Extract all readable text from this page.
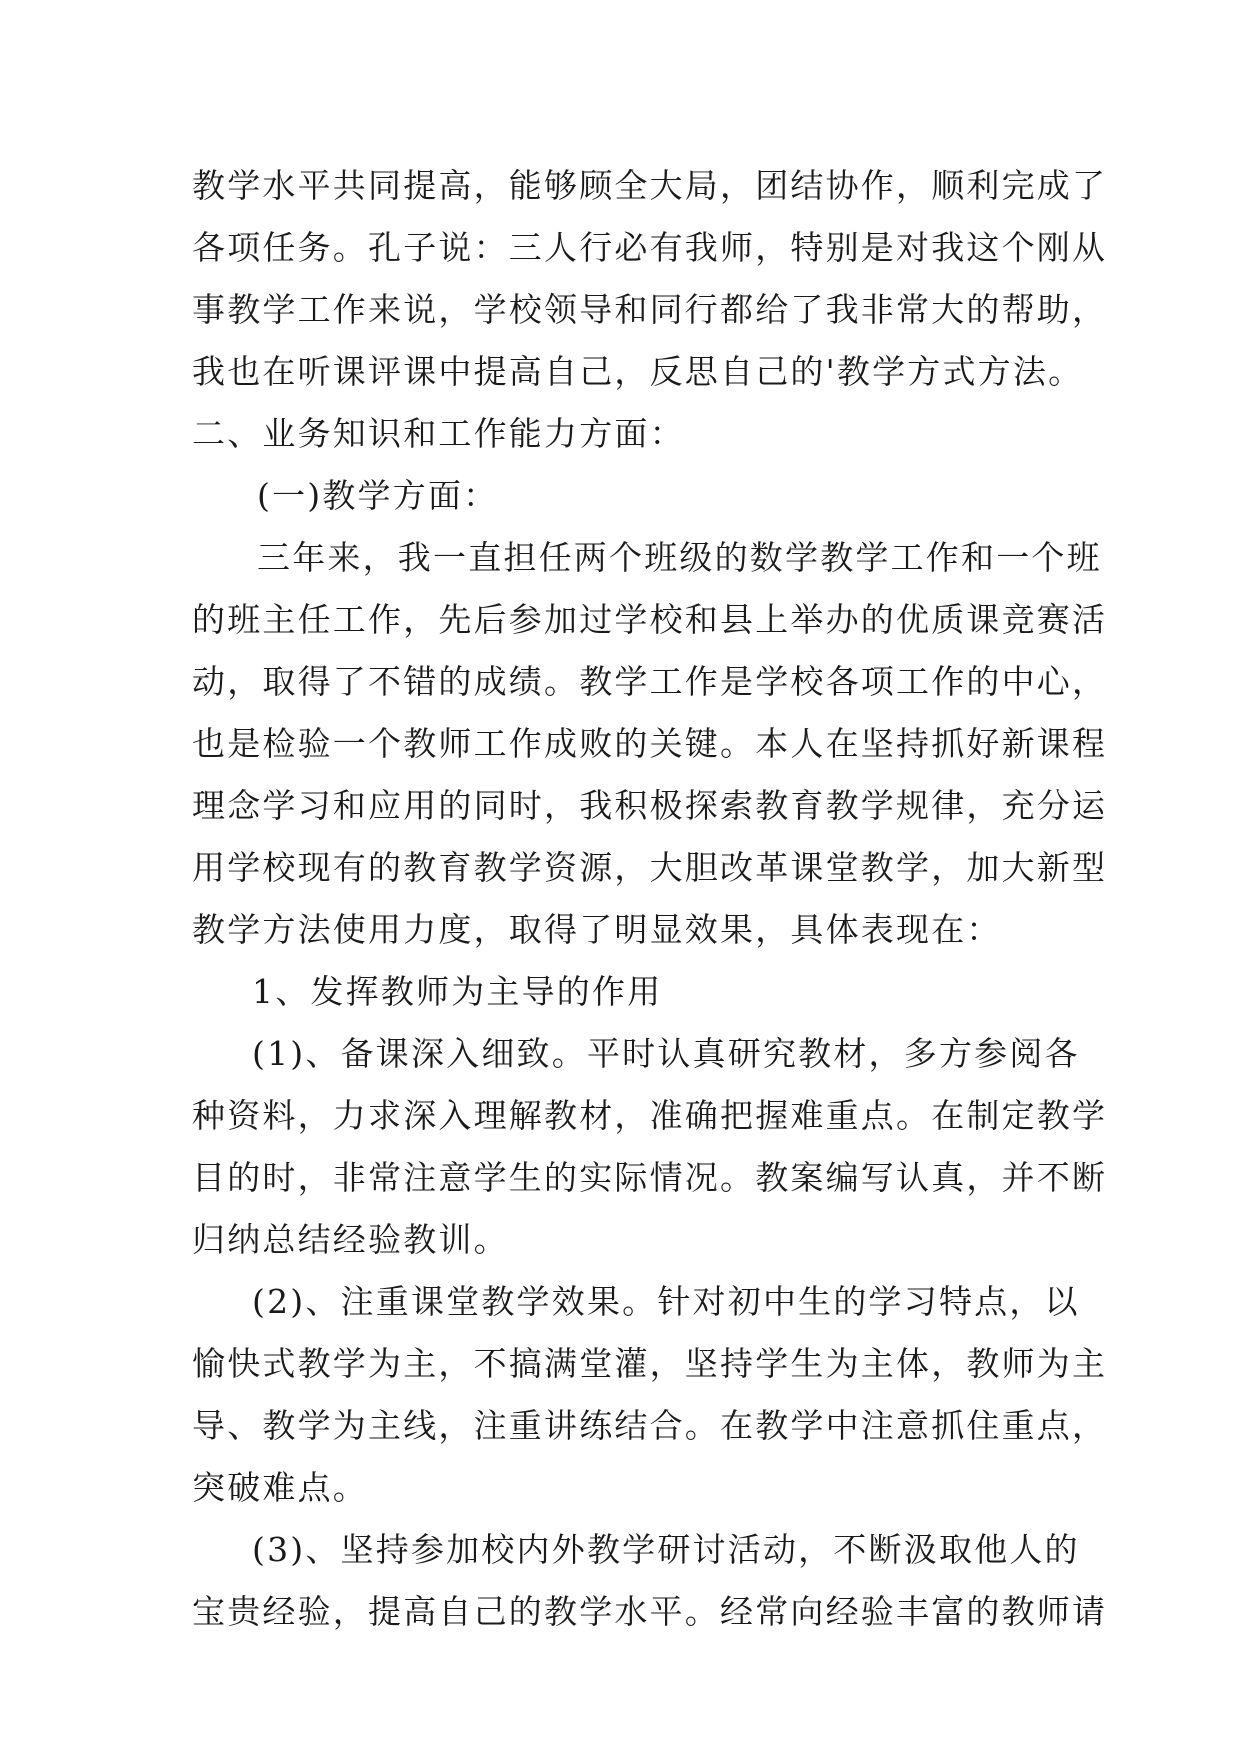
教学水平共同提高，能够顾全大局，团结协作，顺利完成了
各项任务。孔子说：三人行必有我师，特别是对我这个刚从
事教学工作来说，学校领导和同行都给了我非常大的帮助，
我也在听课评课中提高自己，反思自己的'教学方式方法。
二、业务知识和工作能力方面：
(一)教学方面：
三年来，我一直担任两个班级的数学教学工作和一个班
的班主任工作，先后参加过学校和县上举办的优质课竞赛活
动，取得了不错的成绩。教学工作是学校各项工作的中心，
也是检验一个教师工作成败的关键。本人在坚持抓好新课程
理念学习和应用的同时，我积极探索教育教学规律，充分运
用学校现有的教育教学资源，大胆改革课堂教学，加大新型
教学方法使用力度，取得了明显效果，具体表现在：
1、发挥教师为主导的作用
(1)、备课深入细致。平时认真研究教材，多方参阅各
种资料，力求深入理解教材，准确把握难重点。在制定教学
目的时，非常注意学生的实际情况。教案编写认真，并不断
归纳总结经验教训。
(2)、注重课堂教学效果。针对初中生的学习特点，以
愉快式教学为主，不搞满堂灌，坚持学生为主体，教师为主
导、教学为主线，注重讲练结合。在教学中注意抓住重点，
突破难点。
(3)、坚持参加校内外教学研讨活动，不断汲取他人的
宝贵经验，提高自己的教学水平。经常向经验丰富的教师请
